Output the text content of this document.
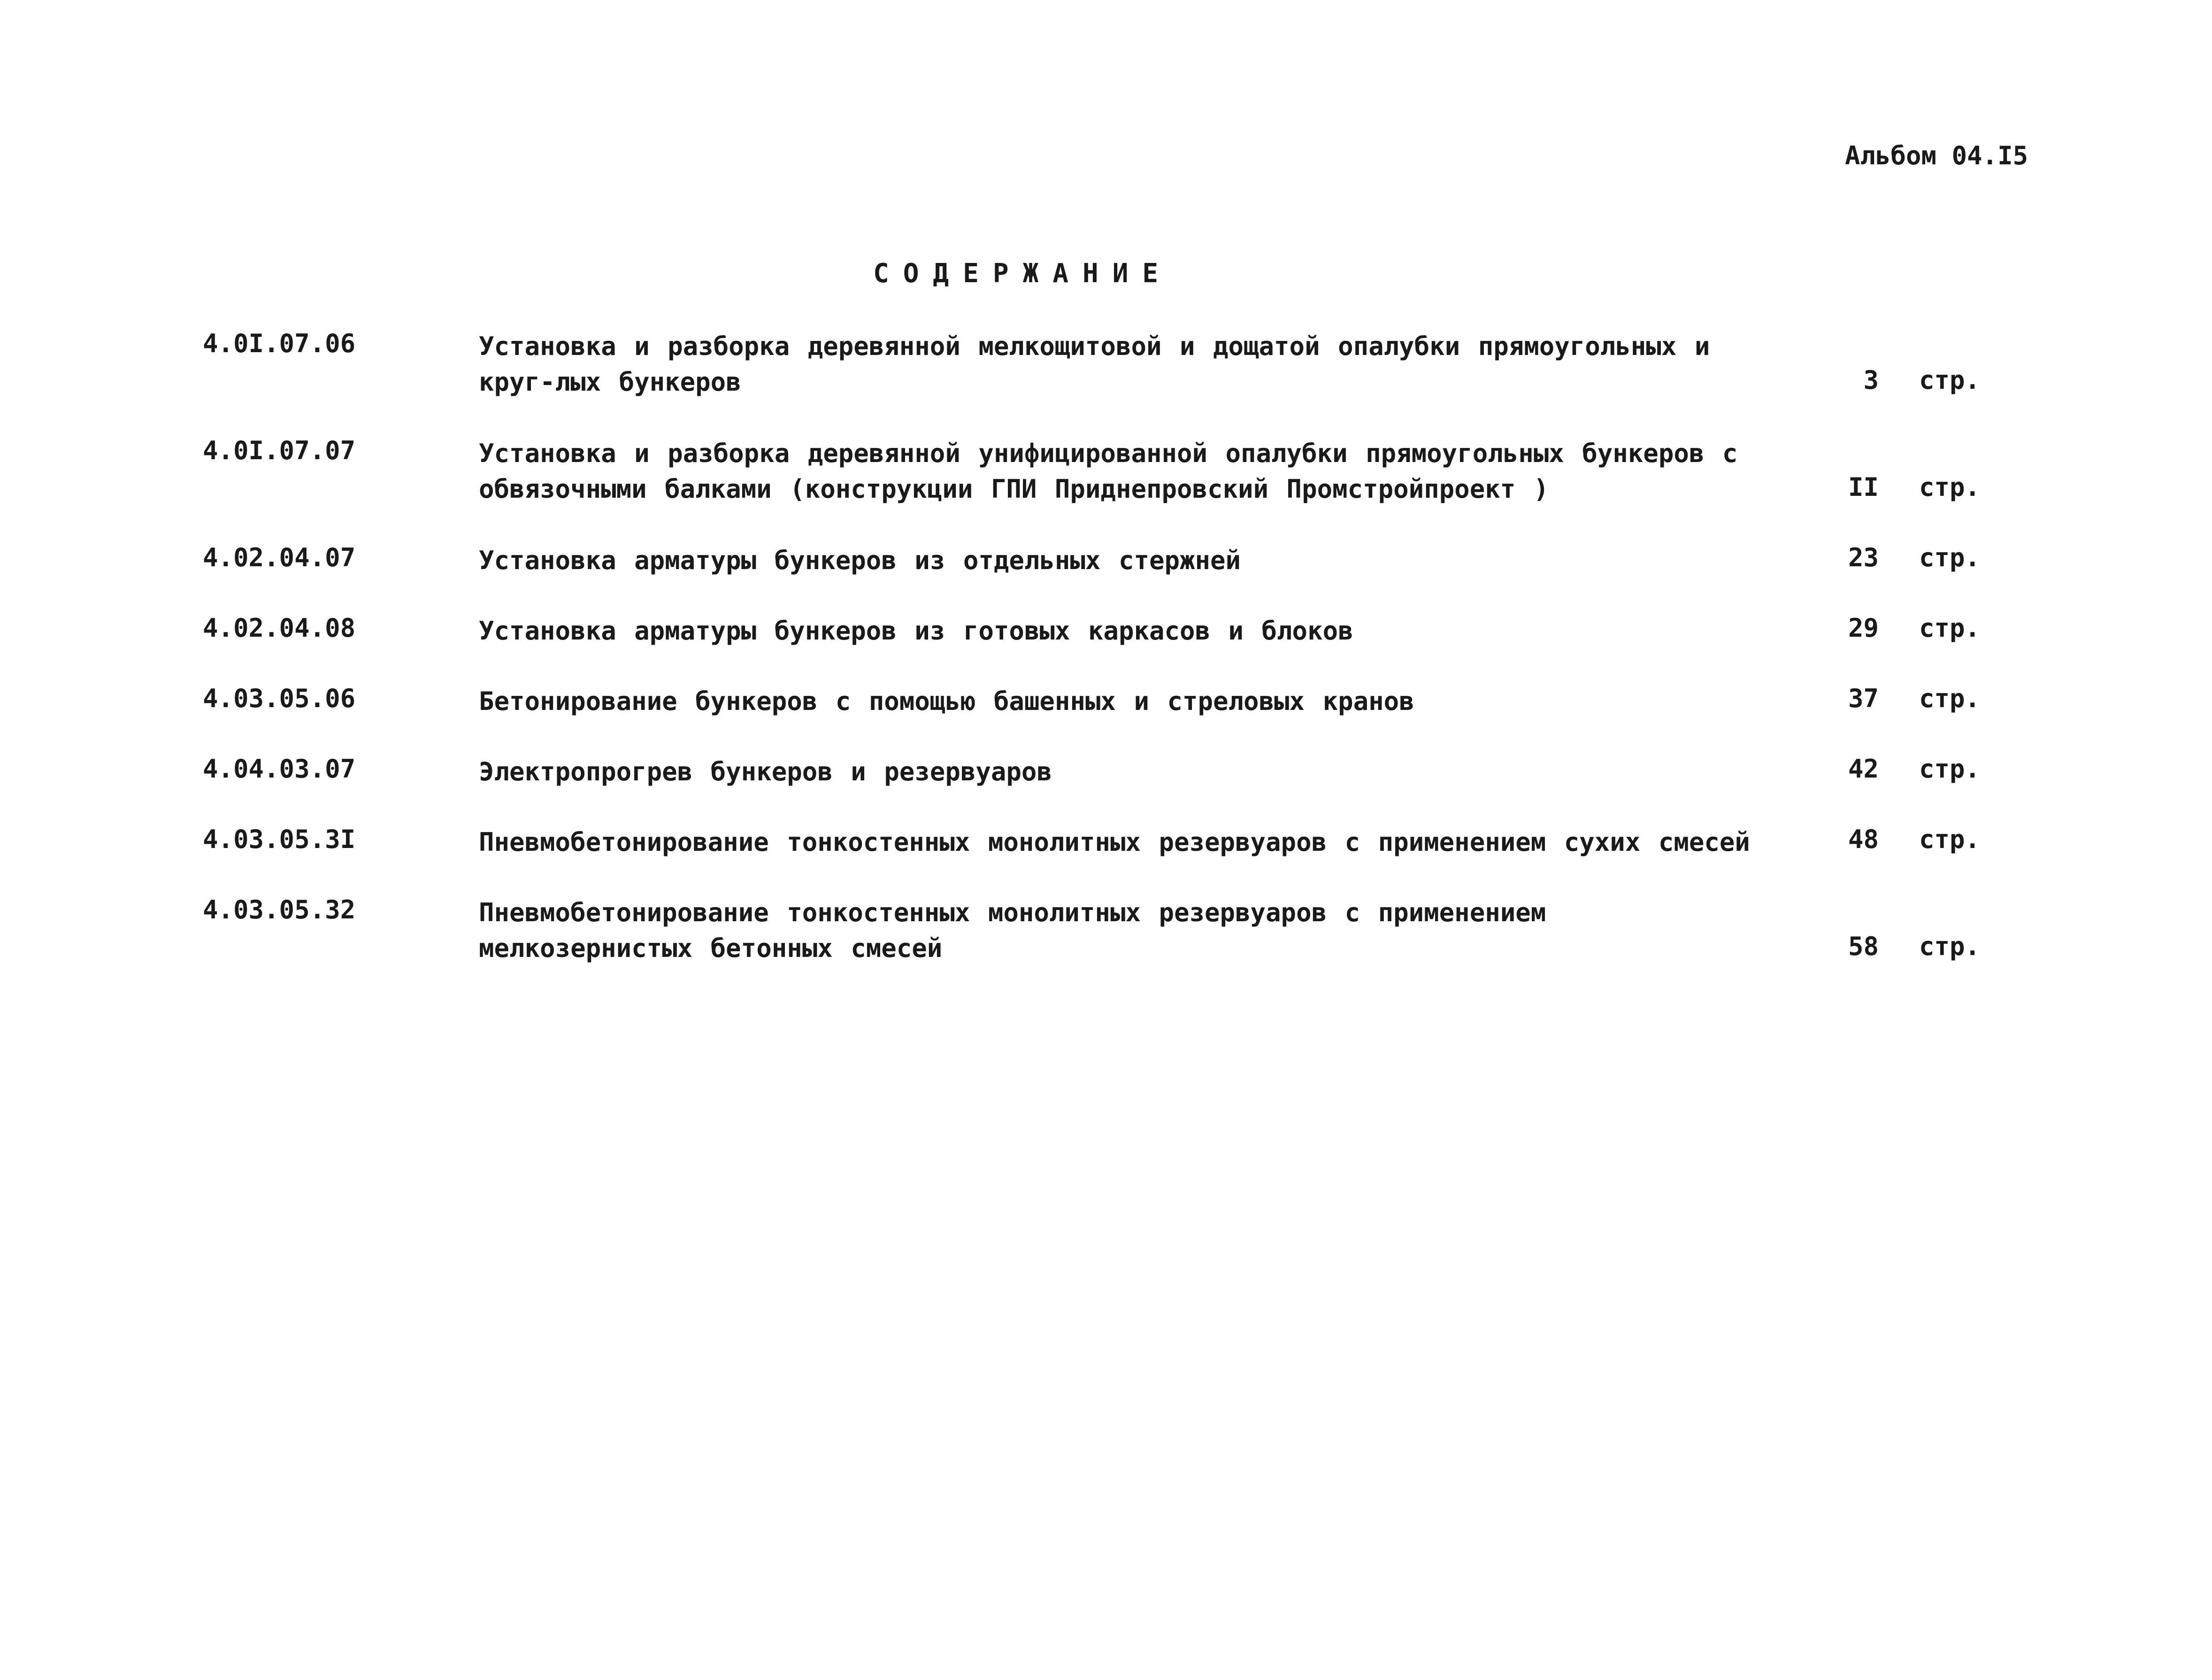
Альбом 04.I5
СОДЕРЖАНИЕ
4.0I.07.06	Установка и разборка деревянной мелкощитовой и дощатой опалубки прямоугольных и круг-лых бункеров	3 стр.
4.0I.07.07	Установка и разборка деревянной унифицированной опалубки прямоугольных бункеров с обвязочными балками (конструкции ГПИ Приднепровский Промстройпроект )	II стр.
4.02.04.07	Установка арматуры бункеров из отдельных стержней	23 стр.
4.02.04.08	Установка арматуры бункеров из готовых каркасов и блоков	29 стр.
4.03.05.06	Бетонирование бункеров с помощью башенных и стреловых кранов	37 стр.
4.04.03.07	Электропрогрев бункеров и резервуаров	42 стр.
4.03.05.3I	Пневмобетонирование тонкостенных монолитных резервуаров с применением сухих смесей	48 стр.
4.03.05.32	Пневмобетонирование тонкостенных монолитных резервуаров с применением мелкозернистых бетонных смесей	58 стр.
